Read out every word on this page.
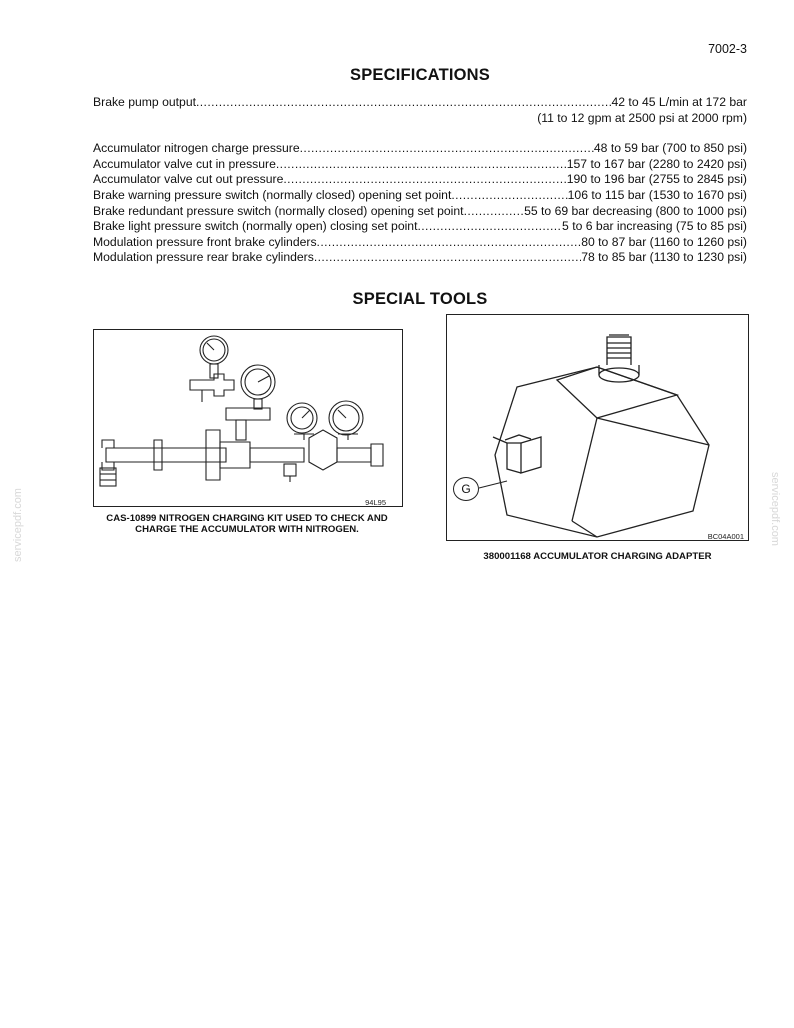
7002-3
SPECIFICATIONS
Brake pump output .....	42 to 45 L/min at 172 bar
(11 to 12 gpm at 2500 psi at 2000 rpm)
Accumulator nitrogen charge pressure .....	48 to 59 bar (700 to 850 psi)
Accumulator valve cut in pressure .....	157 to 167 bar (2280 to 2420 psi)
Accumulator valve cut out pressure .....	190 to 196 bar (2755 to 2845 psi)
Brake warning pressure switch (normally closed) opening set point .....	106 to 115 bar (1530 to 1670 psi)
Brake redundant pressure switch (normally closed) opening set point .....	55 to 69 bar decreasing (800 to 1000 psi)
Brake light pressure switch (normally open) closing set point .....	5 to 6 bar increasing (75 to 85 psi)
Modulation pressure front brake cylinders .....	80 to 87 bar (1160 to 1260 psi)
Modulation pressure rear brake cylinders .....	78 to 85 bar (1130 to 1230 psi)
SPECIAL TOOLS
94L95
CAS-10899 NITROGEN CHARGING KIT USED TO CHECK AND
CHARGE THE ACCUMULATOR WITH NITROGEN.
G
BC04A001
380001168 ACCUMULATOR CHARGING ADAPTER
servicepdf.com	servicepdf.com
